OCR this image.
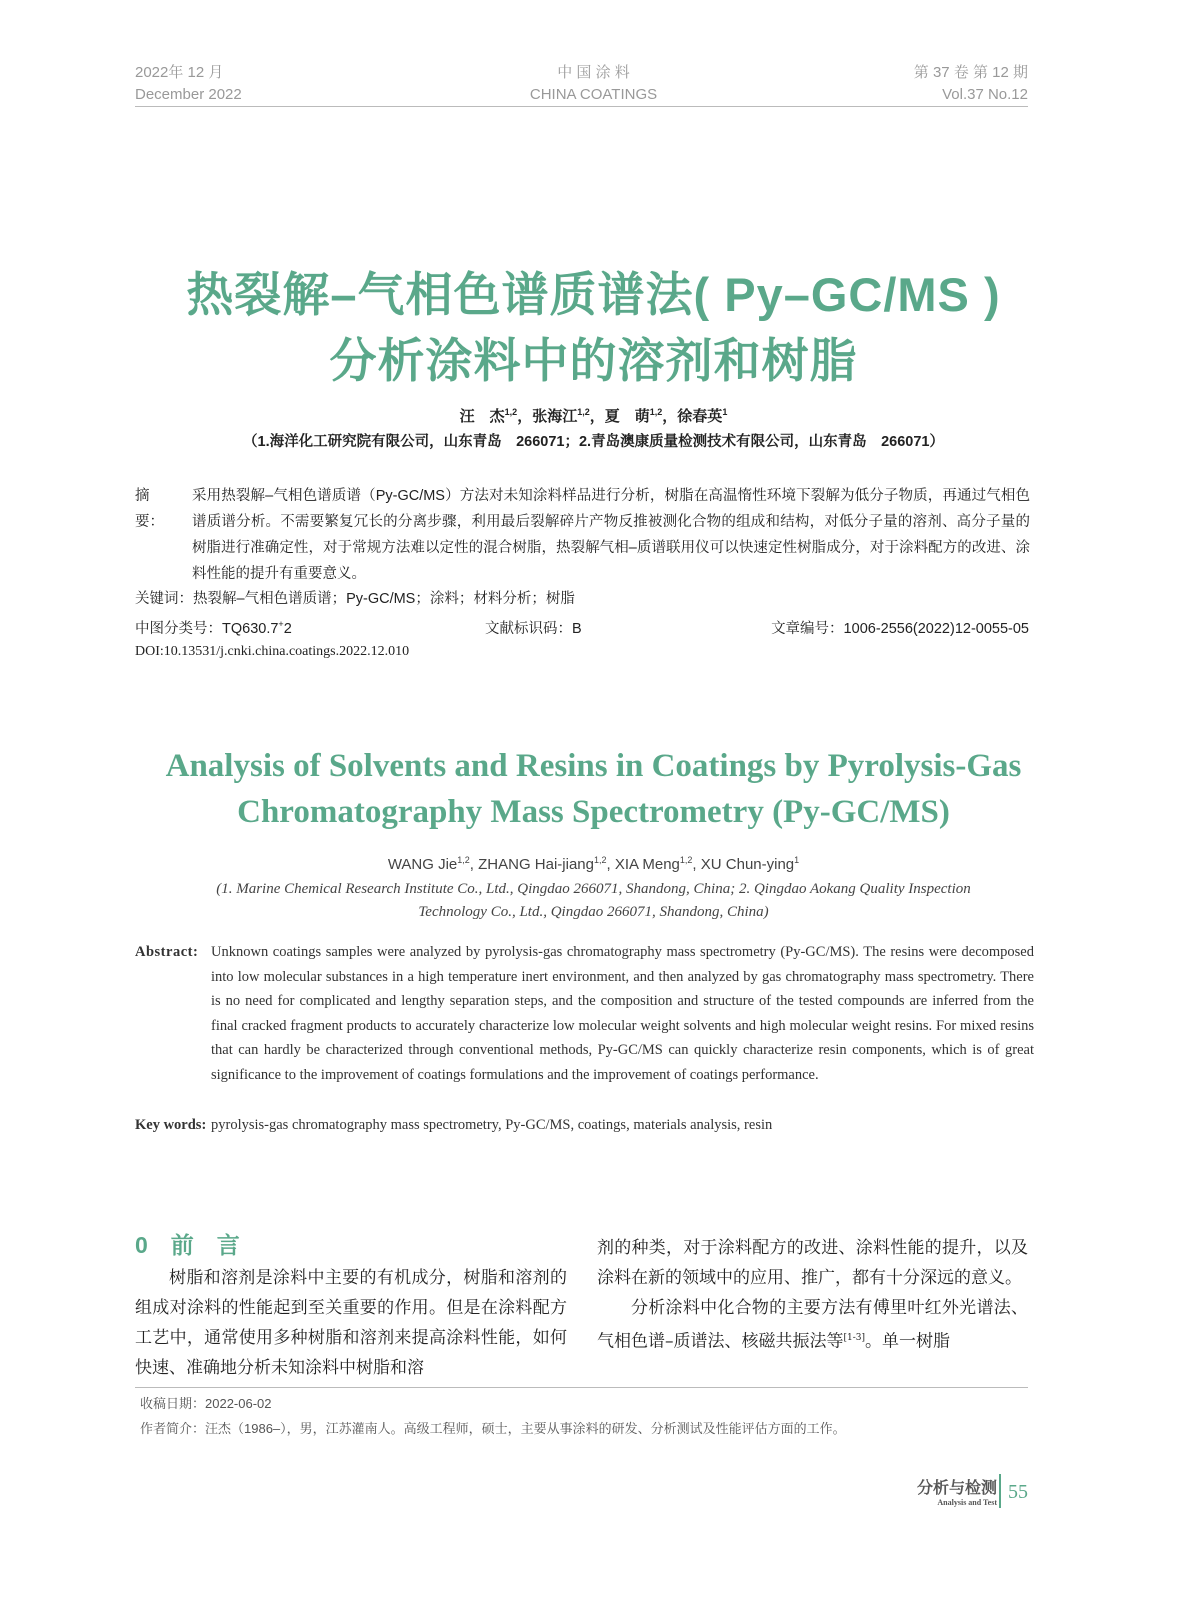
2022年 12 月
December 2022
中 国 涂 料
CHINA COATINGS
第 37 卷 第 12 期
Vol.37 No.12
热裂解–气相色谱质谱法( Py–GC/MS )
分析涂料中的溶剂和树脂
汪　杰$^{1,2}$，张海江$^{1,2}$，夏　萌$^{1,2}$，徐春英$^1$
（1.海洋化工研究院有限公司，山东青岛　266071；2.青岛澳康质量检测技术有限公司，山东青岛　266071）
摘　要：
采用热裂解–气相色谱质谱（Py-GC/MS）方法对未知涂料样品进行分析，树脂在高温惰性环境下裂解为低分子物质，再通过气相色谱质谱分析。不需要繁复冗长的分离步骤，利用最后裂解碎片产物反推被测化合物的组成和结构，对低分子量的溶剂、高分子量的树脂进行准确定性，对于常规方法难以定性的混合树脂，热裂解气相–质谱联用仪可以快速定性树脂成分，对于涂料配方的改进、涂料性能的提升有重要意义。
关键词：热裂解–气相色谱质谱；Py-GC/MS；涂料；材料分析；树脂
中图分类号：TQ630.7+2	文献标识码：B	文章编号：1006-2556(2022)12-0055-05
DOI:10.13531/j.cnki.china.coatings.2022.12.010
Analysis of Solvents and Resins in Coatings by Pyrolysis-Gas
Chromatography Mass Spectrometry (Py-GC/MS)
WANG Jie$^{1,2}$, ZHANG Hai-jiang$^{1,2}$, XIA Meng$^{1,2}$, XU Chun-ying$^1$
(1. Marine Chemical Research Institute Co., Ltd., Qingdao 266071, Shandong, China; 2. Qingdao Aokang Quality Inspection
Technology Co., Ltd., Qingdao 266071, Shandong, China)
Abstract: Unknown coatings samples were analyzed by pyrolysis-gas chromatography mass spectrometry (Py-GC/MS). The resins were decomposed into low molecular substances in a high temperature inert environment, and then analyzed by gas chromatography mass spectrometry. There is no need for complicated and lengthy separation steps, and the composition and structure of the tested compounds are inferred from the final cracked fragment products to accurately characterize low molecular weight solvents and high molecular weight resins. For mixed resins that can hardly be characterized through conventional methods, Py-GC/MS can quickly characterize resin components, which is of great significance to the improvement of coatings formulations and the improvement of coatings performance.
Key words: pyrolysis-gas chromatography mass spectrometry, Py-GC/MS, coatings, materials analysis, resin
0　前　言
树脂和溶剂是涂料中主要的有机成分，树脂和溶剂的组成对涂料的性能起到至关重要的作用。但是在涂料配方工艺中，通常使用多种树脂和溶剂来提高涂料性能，如何快速、准确地分析未知涂料中树脂和溶
剂的种类，对于涂料配方的改进、涂料性能的提升，以及涂料在新的领域中的应用、推广，都有十分深远的意义。
分析涂料中化合物的主要方法有傅里叶红外光谱法、气相色谱–质谱法、核磁共振法等[1-3]。单一树脂
收稿日期：2022-06-02
作者简介：汪杰（1986–），男，江苏灌南人。高级工程师，硕士，主要从事涂料的研发、分析测试及性能评估方面的工作。
分析与检测
Analysis and Test 55
